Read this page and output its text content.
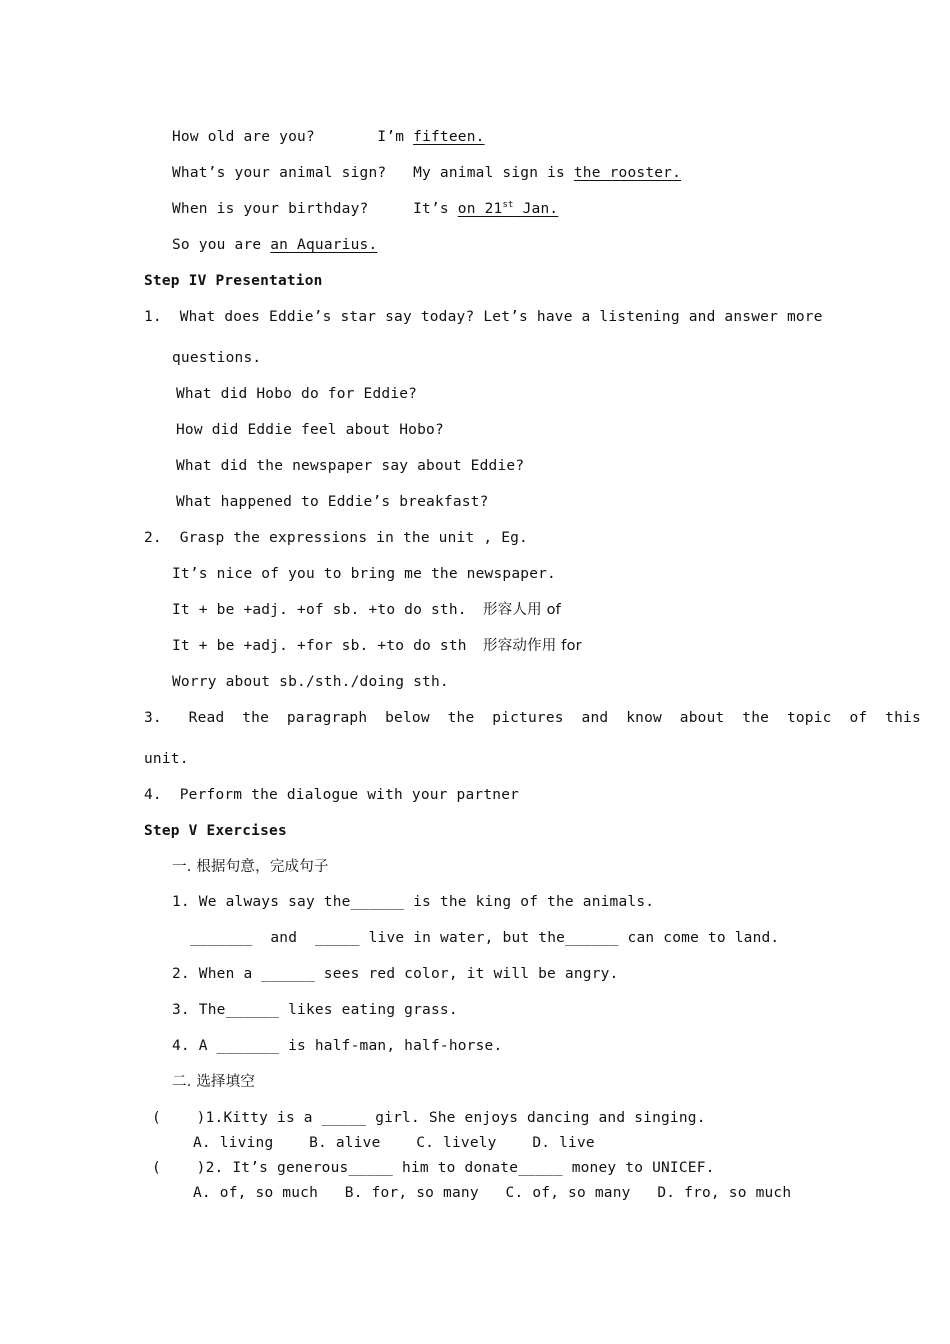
How old are you?	I’m fifteen.
What’s your animal sign? My animal sign is the rooster.
When is your birthday?	It’s on 21st Jan.
So you are an Aquarius.
Step IV Presentation
1.  What does Eddie’s star say today? Let’s have a listening and answer more
questions.
What did Hobo do for Eddie?
How did Eddie feel about Hobo?
What did the newspaper say about Eddie?
What happened to Eddie’s breakfast?
2.  Grasp the expressions in the unit , Eg.
It’s nice of you to bring me the newspaper.
It + be +adj. +of sb. +to do sth. 形容人用 of
It + be +adj. +for sb. +to do sth 形容动作用 for
Worry about sb./sth./doing sth.
3.   Read  the  paragraph  below  the  pictures  and  know  about  the  topic  of  this
unit.
4.  Perform the dialogue with your partner
Step V Exercises
一. 根据句意，完成句子
1. We always say the______ is the king of the animals.
_______  and  _____ live in water, but the______ can come to land.
2. When a ______ sees red color, it will be angry.
3. The______ likes eating grass.
4. A _______ is half-man, half-horse.
二. 选择填空
(    )1.Kitty is a _____ girl. She enjoys dancing and singing.
A. living    B. alive    C. lively    D. live
(    )2. It’s generous_____ him to donate_____ money to UNICEF.
A. of, so much   B. for, so many   C. of, so many   D. fro, so much
